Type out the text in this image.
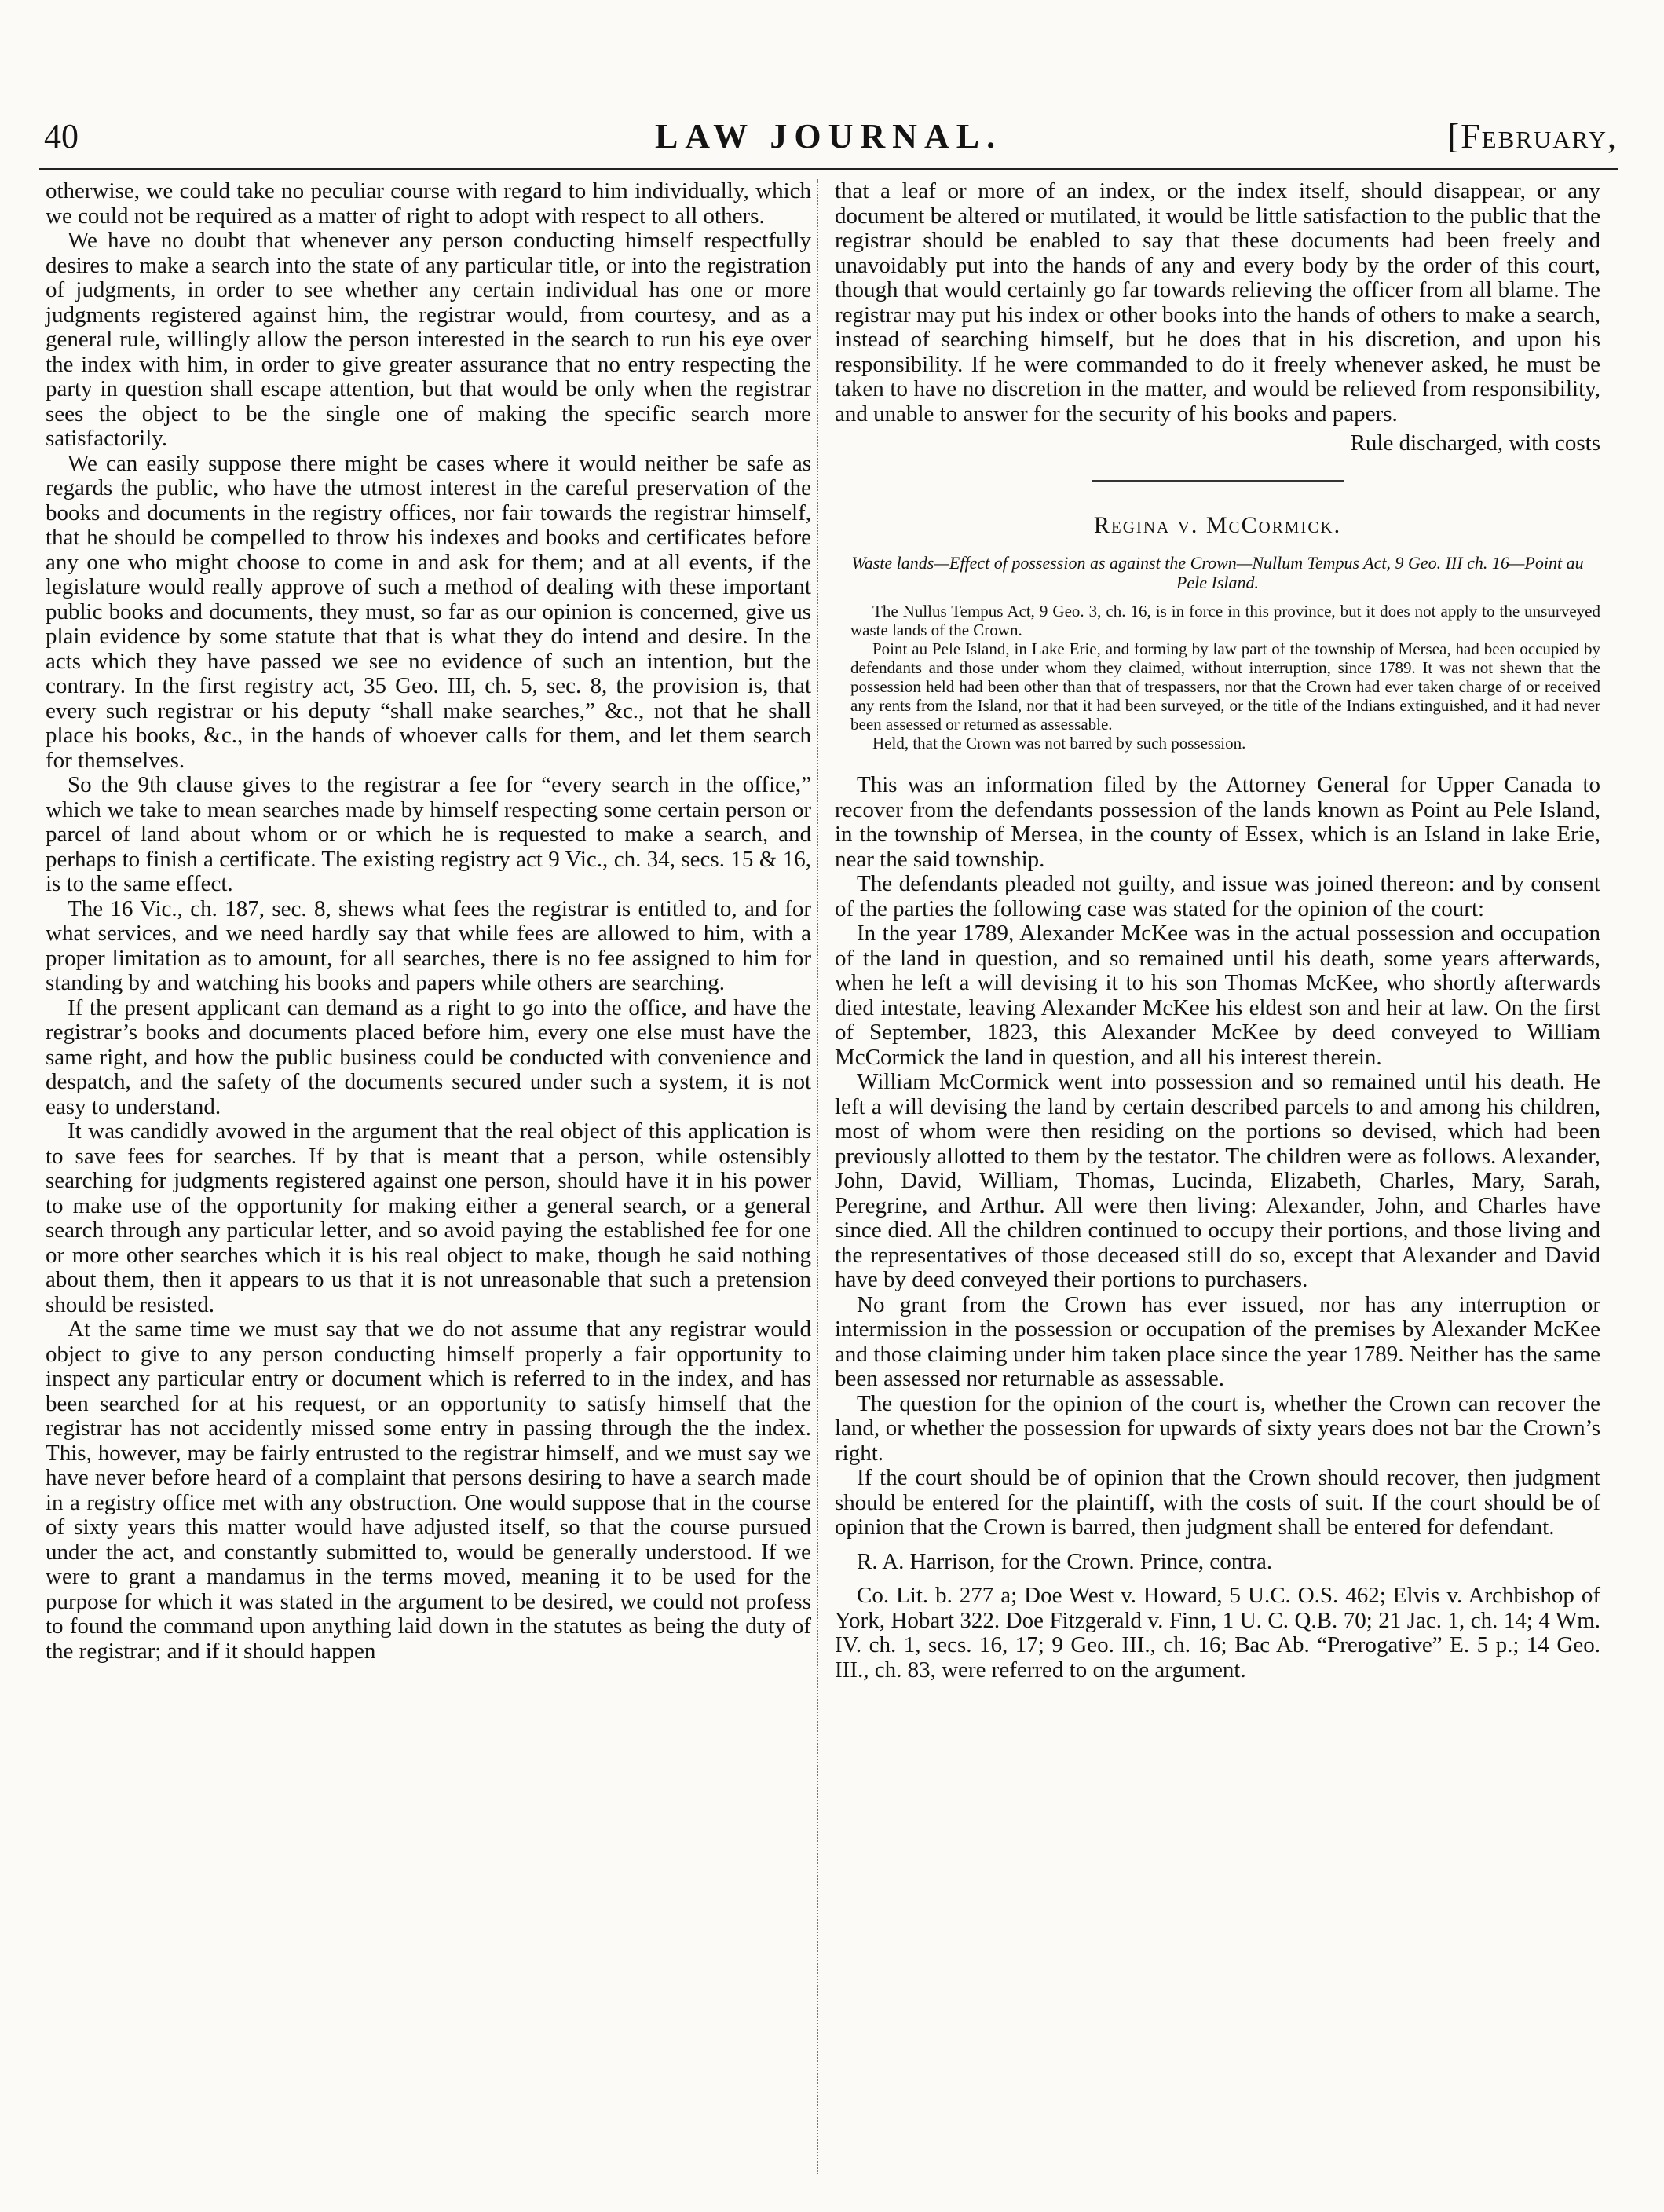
40	LAW JOURNAL.	[February,

otherwise, we could take no peculiar course with regard to him individually, which we could not be required as a matter of right to adopt with respect to all others.

We have no doubt that whenever any person conducting himself respectfully desires to make a search into the state of any particular title, or into the registration of judgments, in order to see whether any certain individual has one or more judgments registered against him, the registrar would, from courtesy, and as a general rule, willingly allow the person interested in the search to run his eye over the index with him, in order to give greater assurance that no entry respecting the party in question shall escape attention, but that would be only when the registrar sees the object to be the single one of making the specific search more satisfactorily.

We can easily suppose there might be cases where it would neither be safe as regards the public, who have the utmost interest in the careful preservation of the books and documents in the registry offices, nor fair towards the registrar himself, that he should be compelled to throw his indexes and books and certificates before any one who might choose to come in and ask for them; and at all events, if the legislature would really approve of such a method of dealing with these important public books and documents, they must, so far as our opinion is concerned, give us plain evidence by some statute that that is what they do intend and desire. In the acts which they have passed we see no evidence of such an intention, but the contrary. In the first registry act, 35 Geo. III, ch. 5, sec. 8, the provision is, that every such registrar or his deputy “shall make searches,” &c., not that he shall place his books, &c., in the hands of whoever calls for them, and let them search for themselves.

So the 9th clause gives to the registrar a fee for “every search in the office,” which we take to mean searches made by himself respecting some certain person or parcel of land about whom or or which he is requested to make a search, and perhaps to finish a certificate. The existing registry act 9 Vic., ch. 34, secs. 15 & 16, is to the same effect.

The 16 Vic., ch. 187, sec. 8, shews what fees the registrar is entitled to, and for what services, and we need hardly say that while fees are allowed to him, with a proper limitation as to amount, for all searches, there is no fee assigned to him for standing by and watching his books and papers while others are searching.

If the present applicant can demand as a right to go into the office, and have the registrar’s books and documents placed before him, every one else must have the same right, and how the public business could be conducted with convenience and despatch, and the safety of the documents secured under such a system, it is not easy to understand.

It was candidly avowed in the argument that the real object of this application is to save fees for searches. If by that is meant that a person, while ostensibly searching for judgments registered against one person, should have it in his power to make use of the opportunity for making either a general search, or a general search through any particular letter, and so avoid paying the established fee for one or more other searches which it is his real object to make, though he said nothing about them, then it appears to us that it is not unreasonable that such a pretension should be resisted.

At the same time we must say that we do not assume that any registrar would object to give to any person conducting himself properly a fair opportunity to inspect any particular entry or document which is referred to in the index, and has been searched for at his request, or an opportunity to satisfy himself that the registrar has not accidently missed some entry in passing through the the index. This, however, may be fairly entrusted to the registrar himself, and we must say we have never before heard of a complaint that persons desiring to have a search made in a registry office met with any obstruction. One would suppose that in the course of sixty years this matter would have adjusted itself, so that the course pursued under the act, and constantly submitted to, would be generally understood. If we were to grant a mandamus in the terms moved, meaning it to be used for the purpose for which it was stated in the argument to be desired, we could not profess to found the command upon anything laid down in the statutes as being the duty of the registrar; and if it should happen

that a leaf or more of an index, or the index itself, should disappear, or any document be altered or mutilated, it would be little satisfaction to the public that the registrar should be enabled to say that these documents had been freely and unavoidably put into the hands of any and every body by the order of this court, though that would certainly go far towards relieving the officer from all blame. The registrar may put his index or other books into the hands of others to make a search, instead of searching himself, but he does that in his discretion, and upon his responsibility. If he were commanded to do it freely whenever asked, he must be taken to have no discretion in the matter, and would be relieved from responsibility, and unable to answer for the security of his books and papers.

Rule discharged, with costs

Regina v. McCormick.
Waste lands—Effect of possession as against the Crown—Nullum Tempus Act, 9 Geo. III ch. 16—Point au Pele Island.

The Nullus Tempus Act, 9 Geo. 3, ch. 16, is in force in this province, but it does not apply to the unsurveyed waste lands of the Crown.

Point au Pele Island, in Lake Erie, and forming by law part of the township of Mersea, had been occupied by defendants and those under whom they claimed, without interruption, since 1789. It was not shewn that the possession held had been other than that of trespassers, nor that the Crown had ever taken charge of or received any rents from the Island, nor that it had been surveyed, or the title of the Indians extinguished, and it had never been assessed or returned as assessable.

Held, that the Crown was not barred by such possession.

This was an information filed by the Attorney General for Upper Canada to recover from the defendants possession of the lands known as Point au Pele Island, in the township of Mersea, in the county of Essex, which is an Island in lake Erie, near the said township.

The defendants pleaded not guilty, and issue was joined thereon: and by consent of the parties the following case was stated for the opinion of the court:

In the year 1789, Alexander McKee was in the actual possession and occupation of the land in question, and so remained until his death, some years afterwards, when he left a will devising it to his son Thomas McKee, who shortly afterwards died intestate, leaving Alexander McKee his eldest son and heir at law. On the first of September, 1823, this Alexander McKee by deed conveyed to William McCormick the land in question, and all his interest therein.

William McCormick went into possession and so remained until his death. He left a will devising the land by certain described parcels to and among his children, most of whom were then residing on the portions so devised, which had been previously allotted to them by the testator. The children were as follows. Alexander, John, David, William, Thomas, Lucinda, Elizabeth, Charles, Mary, Sarah, Peregrine, and Arthur. All were then living: Alexander, John, and Charles have since died. All the children continued to occupy their portions, and those living and the representatives of those deceased still do so, except that Alexander and David have by deed conveyed their portions to purchasers.

No grant from the Crown has ever issued, nor has any interruption or intermission in the possession or occupation of the premises by Alexander McKee and those claiming under him taken place since the year 1789. Neither has the same been assessed nor returnable as assessable.

The question for the opinion of the court is, whether the Crown can recover the land, or whether the possession for upwards of sixty years does not bar the Crown’s right.

If the court should be of opinion that the Crown should recover, then judgment should be entered for the plaintiff, with the costs of suit. If the court should be of opinion that the Crown is barred, then judgment shall be entered for defendant.

R. A. Harrison, for the Crown. Prince, contra.

Co. Lit. b. 277 a; Doe West v. Howard, 5 U.C. O.S. 462; Elvis v. Archbishop of York, Hobart 322. Doe Fitzgerald v. Finn, 1 U. C. Q.B. 70; 21 Jac. 1, ch. 14; 4 Wm. IV. ch. 1, secs. 16, 17; 9 Geo. III., ch. 16; Bac Ab. “Prerogative” E. 5 p.; 14 Geo. III., ch. 83, were referred to on the argument.
